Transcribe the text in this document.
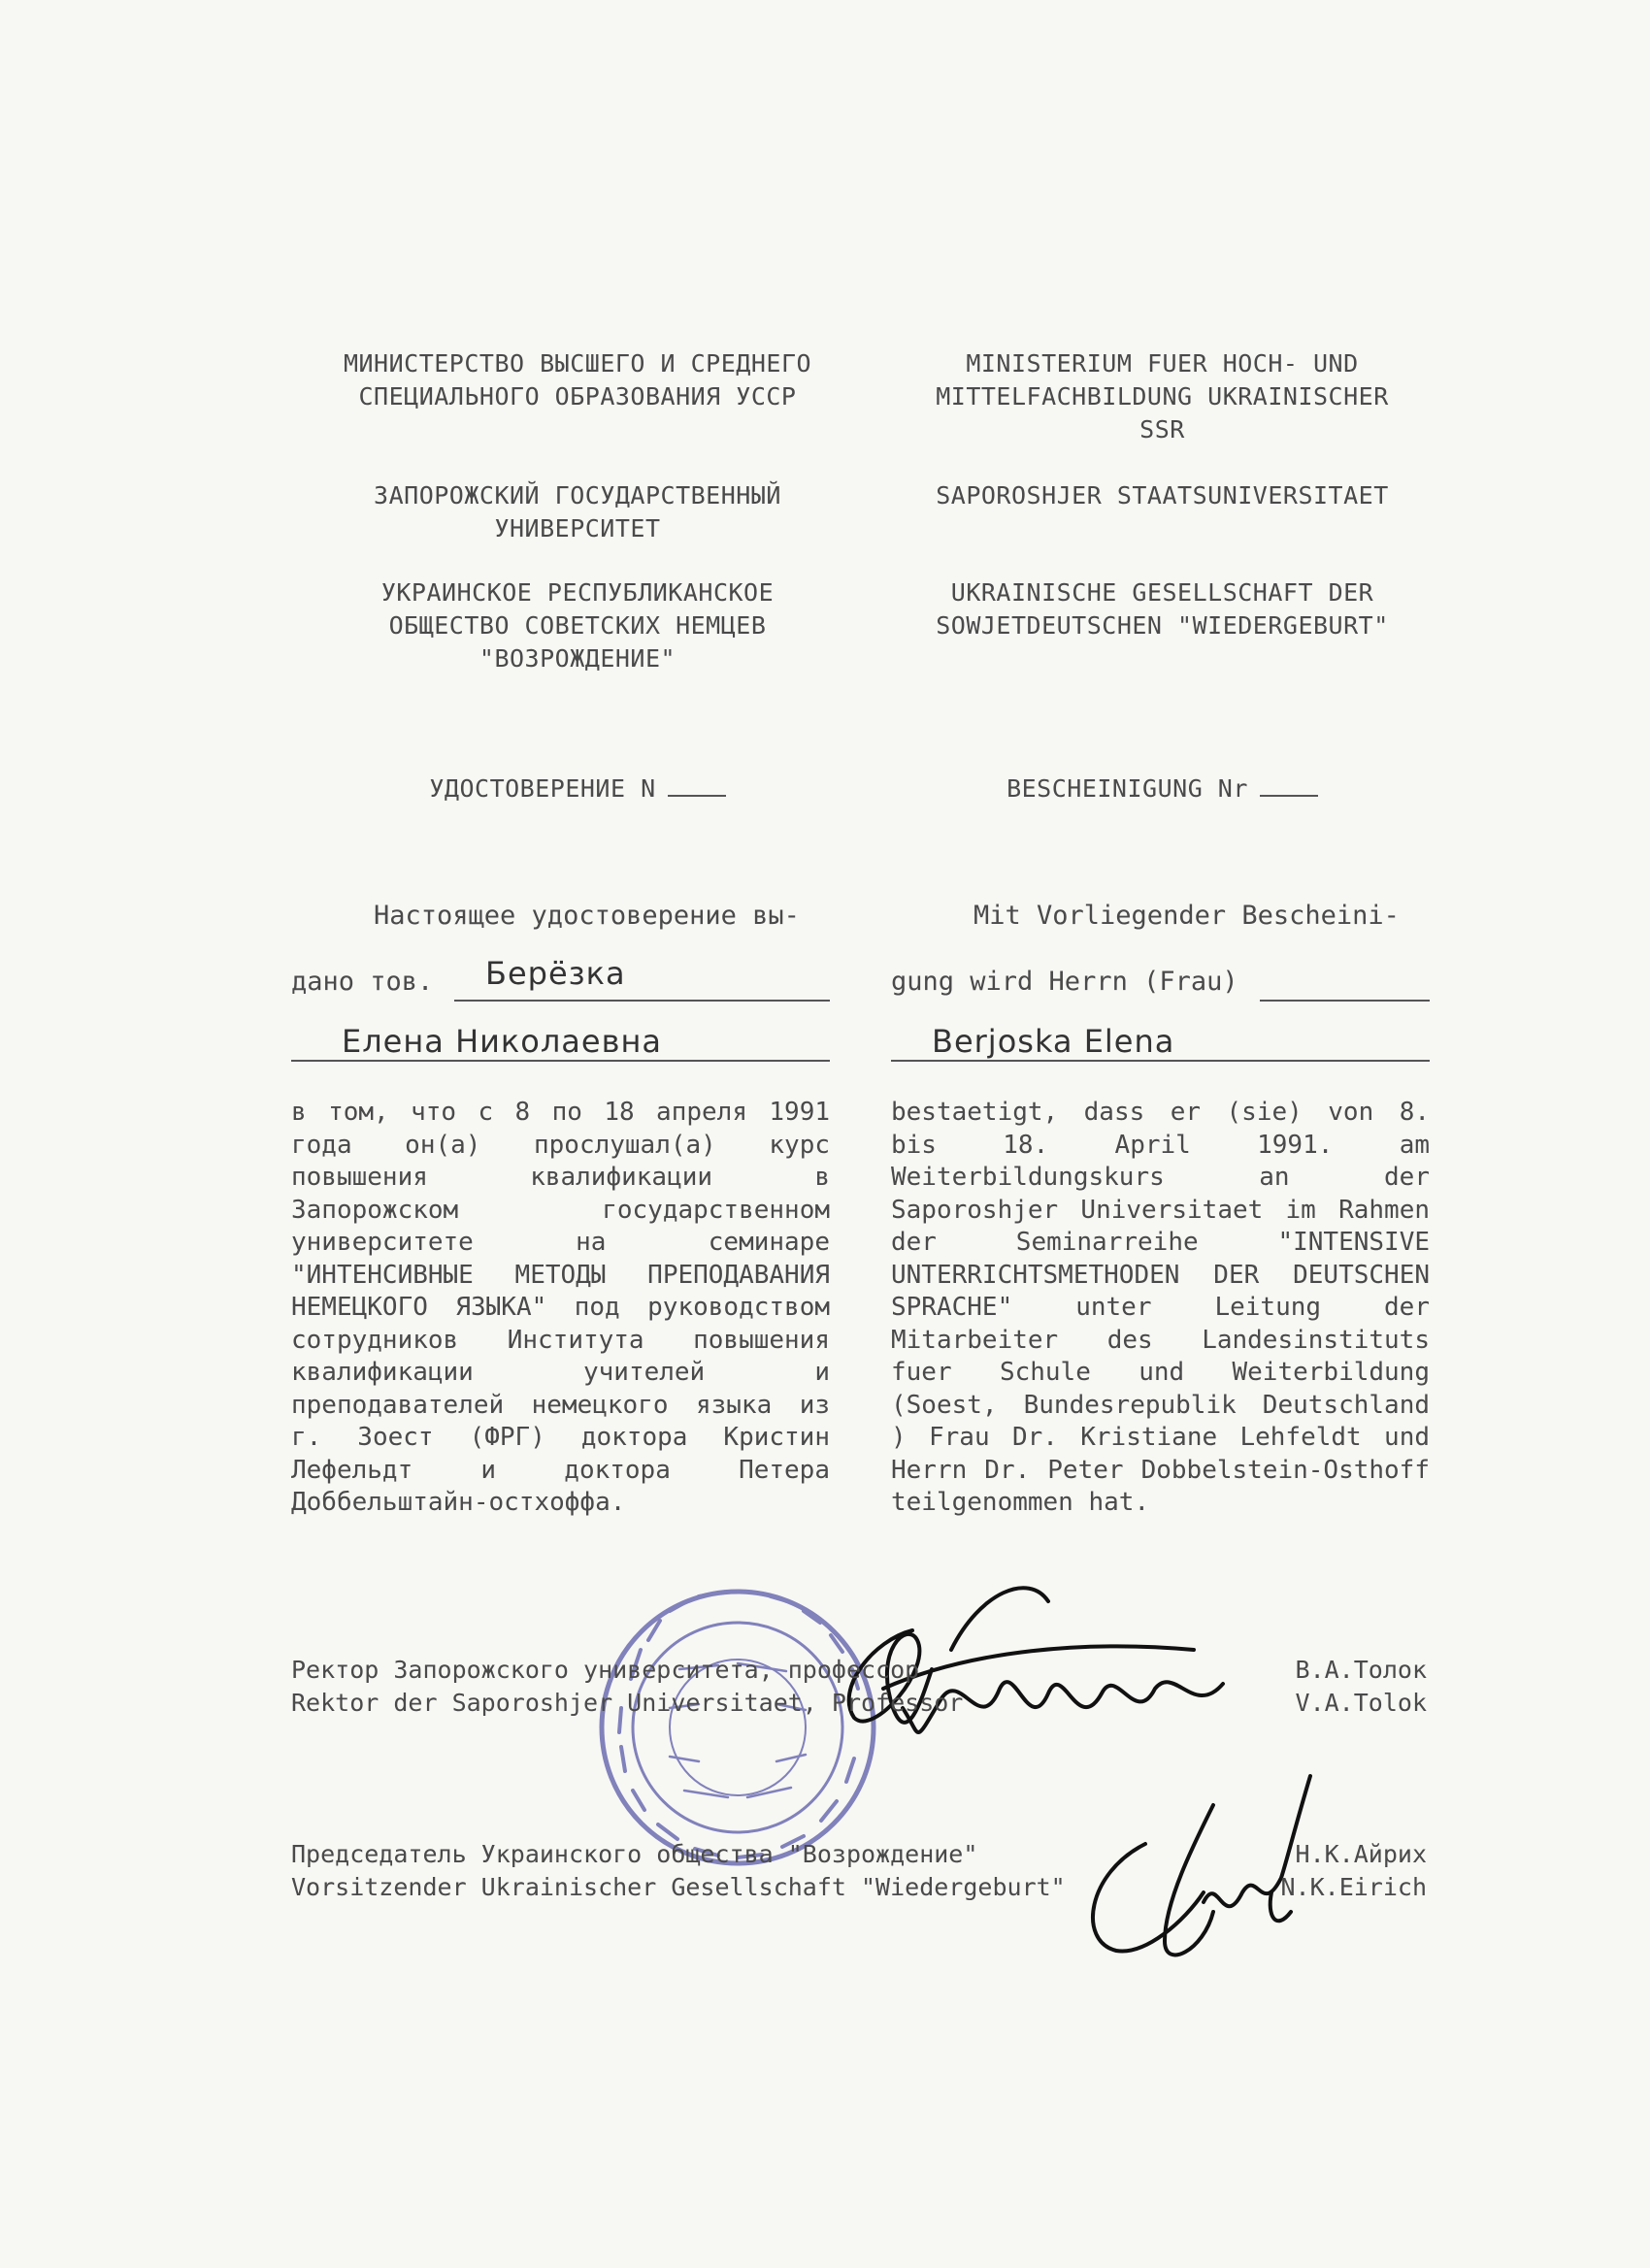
МИНИСТЕРСТВО ВЫСШЕГО И СРЕДНЕГО
СПЕЦИАЛЬНОГО ОБРАЗОВАНИЯ УССР
MINISTERIUM FUER HOCH- UND
MITTELFACHBILDUNG UKRAINISCHER
SSR
ЗАПОРОЖСКИЙ ГОСУДАРСТВЕННЫЙ
УНИВЕРСИТЕТ
SAPOROSHJER STAATSUNIVERSITAET
УКРАИНСКОЕ РЕСПУБЛИКАНСКОЕ
ОБЩЕСТВО СОВЕТСКИХ НЕМЦЕВ
"ВОЗРОЖДЕНИЕ"
UKRAINISCHE GESELLSCHAFT DER
SOWJETDEUTSCHEN "WIEDERGEBURT"
УДОСТОВЕРЕНИЕ N	BESCHEINIGUNG Nr
Настоящее удостоверение вы-
дано тов. Берёзка
Елена Николаевна
Mit Vorliegender Bescheini-
gung wird Herrn (Frau)
Berjoska Elena
в том, что с 8 по 18 апреля 1991 года он(а) прослушал(а) курс повышения квалификации в Запорожском государственном университете на семинаре "ИНТЕНСИВНЫЕ МЕТОДЫ ПРЕПОДАВАНИЯ НЕМЕЦКОГО ЯЗЫКА" под руководством сотрудников Института повышения квалификации учителей и преподавателей немецкого языка из г. Зоест (ФРГ) доктора Кристин Лефельдт и доктора Петера Доббельштайн-остхоффа.
bestaetigt, dass er (sie) von 8. bis 18. April 1991. am Weiterbildungskurs an der Saporoshjer Universitaet im Rahmen der Seminarreihe "INTENSIVE UNTERRICHTSMETHODEN DER DEUTSCHEN SPRACHE" unter Leitung der Mitarbeiter des Landesinstituts fuer Schule und Weiterbildung (Soest, Bundesrepublik Deutschland ) Frau Dr. Kristiane Lehfeldt und Herrn Dr. Peter Dobbelstein-Osthoff teilgenommen hat.
Ректор Запорожского университета, профессор
Rektor der Saporoshjer Universitaet, Professor
В.А.Толок
V.A.Tolok
Председатель Украинского общества "Возрождение"
Vorsitzender Ukrainischer Gesellschaft "Wiedergeburt"
Н.К.Айрих
N.K.Eirich
